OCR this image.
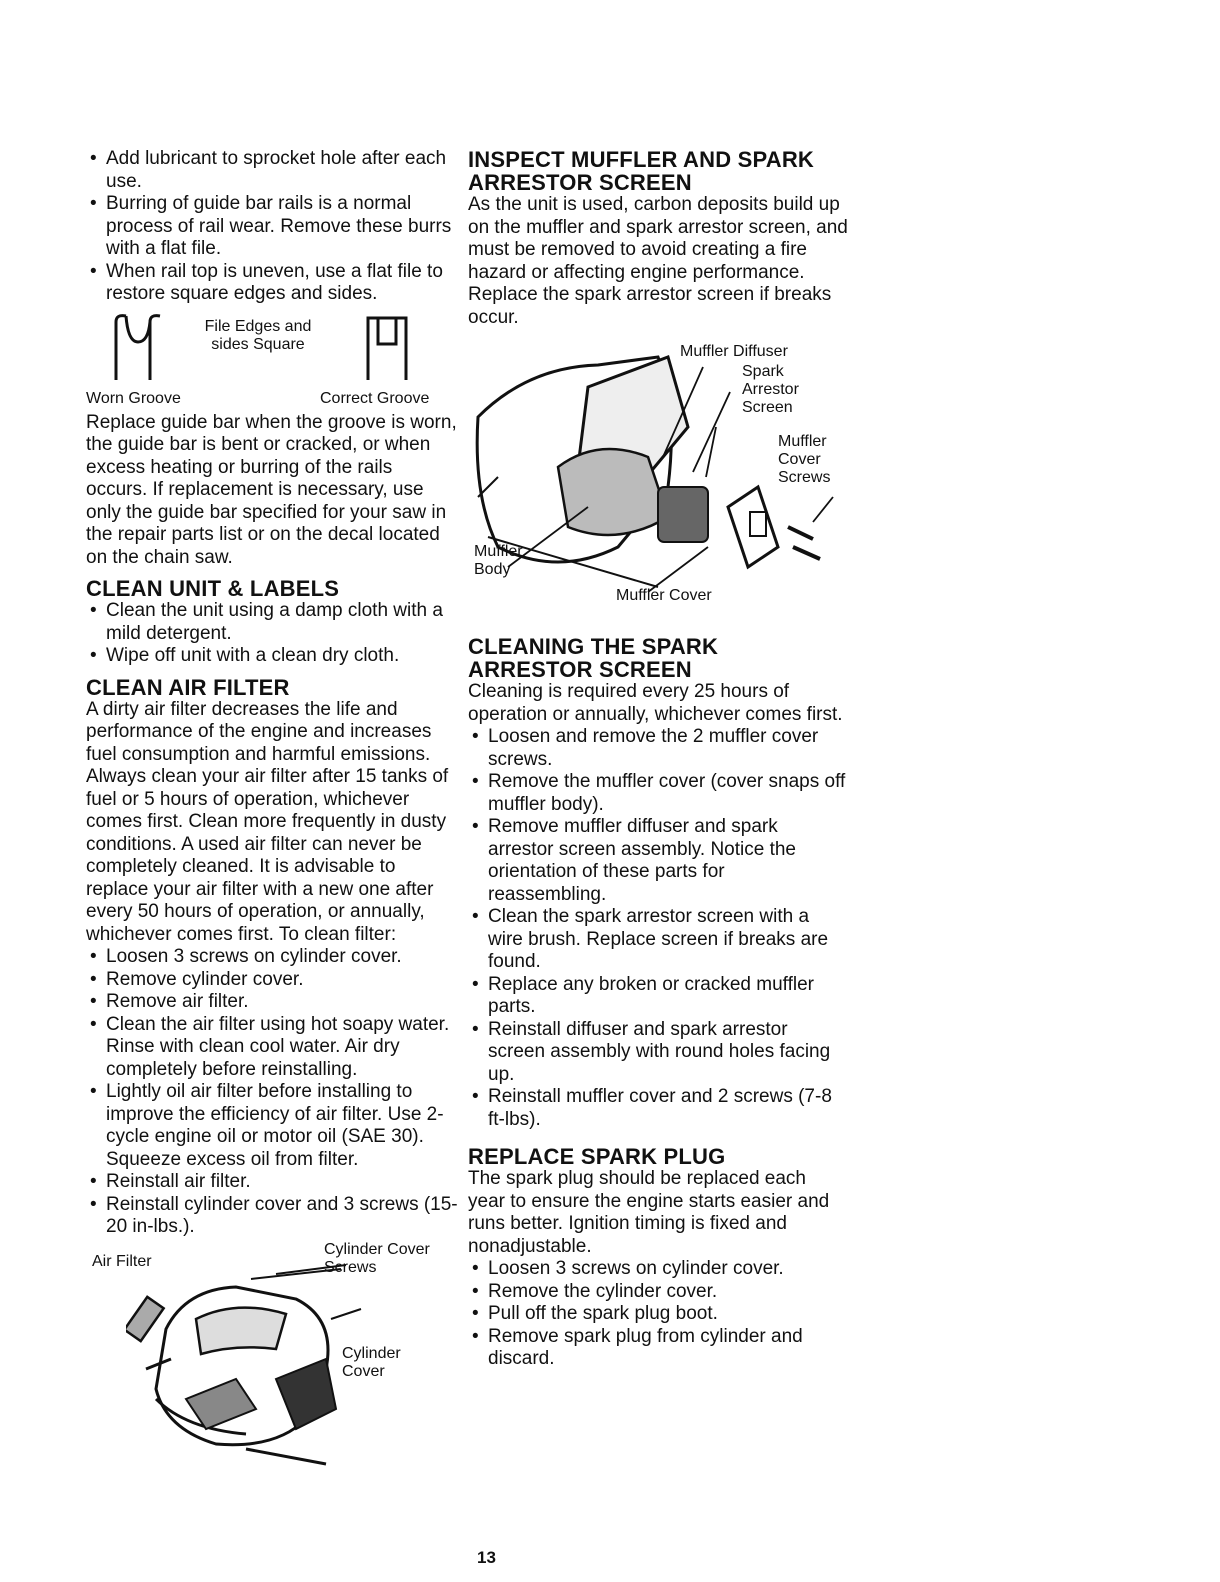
• Add lubricant to sprocket hole after each use.
• Burring of guide bar rails is a normal process of rail wear. Remove these burrs with a flat file.
• When rail top is uneven, use a flat file to restore square edges and sides.
File Edges and
sides Square
Worn Groove	Correct Groove

Replace guide bar when the groove is worn, the guide bar is bent or cracked, or when excess heating or burring of the rails occurs. If replacement is necessary, use only the guide bar specified for your saw in the repair parts list or on the decal located on the chain saw.

CLEAN UNIT & LABELS
• Clean the unit using a damp cloth with a mild detergent.
• Wipe off unit with a clean dry cloth.
CLEAN AIR FILTER

A dirty air filter decreases the life and performance of the engine and increases fuel consumption and harmful emissions. Always clean your air filter after 15 tanks of fuel or 5 hours of operation, whichever comes first. Clean more frequently in dusty conditions. A used air filter can never be completely cleaned. It is advisable to replace your air filter with a new one after every 50 hours of operation, or annually, whichever comes first. To clean filter:

• Loosen 3 screws on cylinder cover.
• Remove cylinder cover.
• Remove air filter.
• Clean the air filter using hot soapy water. Rinse with clean cool water. Air dry completely before reinstalling.
• Lightly oil air filter before installing to improve the efficiency of air filter. Use 2-cycle engine oil or motor oil (SAE 30). Squeeze excess oil from filter.
• Reinstall air filter.
• Reinstall cylinder cover and 3 screws (15-20 in-lbs.).
Air Filter
Cylinder Cover
Screws
Cylinder
Cover
INSPECT MUFFLER AND SPARK
ARRESTOR SCREEN

As the unit is used, carbon deposits build up on the muffler and spark arrestor screen, and must be removed to avoid creating a fire hazard or affecting engine performance.

Replace the spark arrestor screen if breaks occur.

Muffler Diffuser
Spark
Arrestor
Screen
Muffler
Cover
Screws
Muffler
Body
Muffler Cover
CLEANING THE SPARK
ARRESTOR SCREEN

Cleaning is required every 25 hours of operation or annually, whichever comes first.

• Loosen and remove the 2 muffler cover screws.
• Remove the muffler cover (cover snaps off muffler body).
• Remove muffler diffuser and spark arrestor screen assembly. Notice the orientation of these parts for reassembling.
• Clean the spark arrestor screen with a wire brush. Replace screen if breaks are found.
• Replace any broken or cracked muffler parts.
• Reinstall diffuser and spark arrestor screen assembly with round holes facing up.
• Reinstall muffler cover and 2 screws (7-8 ft-lbs).
REPLACE SPARK PLUG

The spark plug should be replaced each year to ensure the engine starts easier and runs better. Ignition timing is fixed and nonadjustable.

• Loosen 3 screws on cylinder cover.
• Remove the cylinder cover.
• Pull off the spark plug boot.
• Remove spark plug from cylinder and discard.
13
